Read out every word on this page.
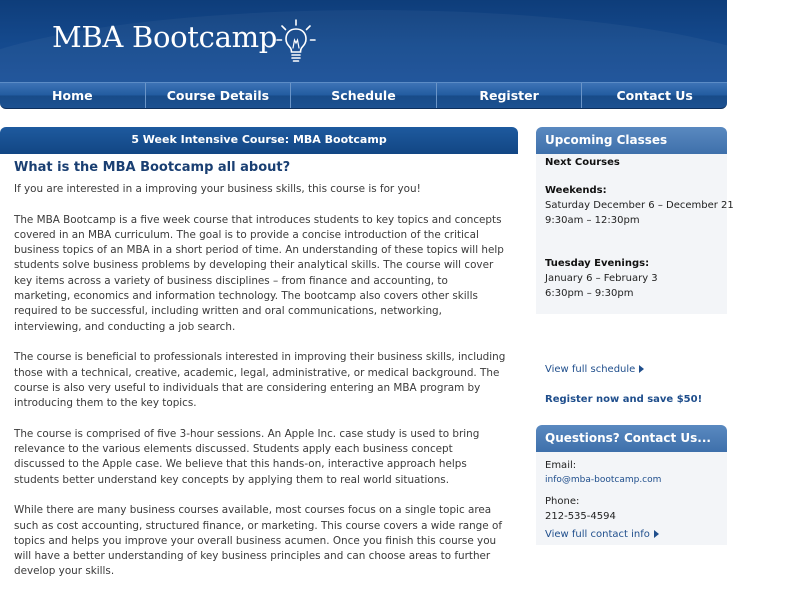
MBA Bootcamp
Home	Course Details	Schedule	Register	Contact Us
5 Week Intensive Course: MBA Bootcamp
What is the MBA Bootcamp all about?

If you are interested in a improving your business skills, this course is for you!

The MBA Bootcamp is a five week course that introduces students to key topics and concepts covered in an MBA curriculum. The goal is to provide a concise introduction of the critical business topics of an MBA in a short period of time. An understanding of these topics will help students solve business problems by developing their analytical skills. The course will cover key items across a variety of business disciplines – from finance and accounting, to marketing, economics and information technology. The bootcamp also covers other skills required to be successful, including written and oral communications, networking, interviewing, and conducting a job search.

The course is beneficial to professionals interested in improving their business skills, including those with a technical, creative, academic, legal, administrative, or medical background. The course is also very useful to individuals that are considering entering an MBA program by introducing them to the key topics.

The course is comprised of five 3-hour sessions. An Apple Inc. case study is used to bring relevance to the various elements discussed. Students apply each business concept discussed to the Apple case. We believe that this hands-on, interactive approach helps students better understand key concepts by applying them to real world situations.

While there are many business courses available, most courses focus on a single topic area such as cost accounting, structured finance, or marketing. This course covers a wide range of topics and helps you improve your overall business acumen. Once you finish this course you will have a better understanding of key business principles and can choose areas to further develop your skills.

Upcoming Classes
Next Courses

Weekends:
Saturday December 6 – December 21
9:30am – 12:30pm
Tuesday Evenings:
January 6 – February 3
6:30pm – 9:30pm
View full schedule
Register now and save $50!
Questions? Contact Us...
Email:
info@mba-bootcamp.com
Phone:
212-535-4594
View full contact info
